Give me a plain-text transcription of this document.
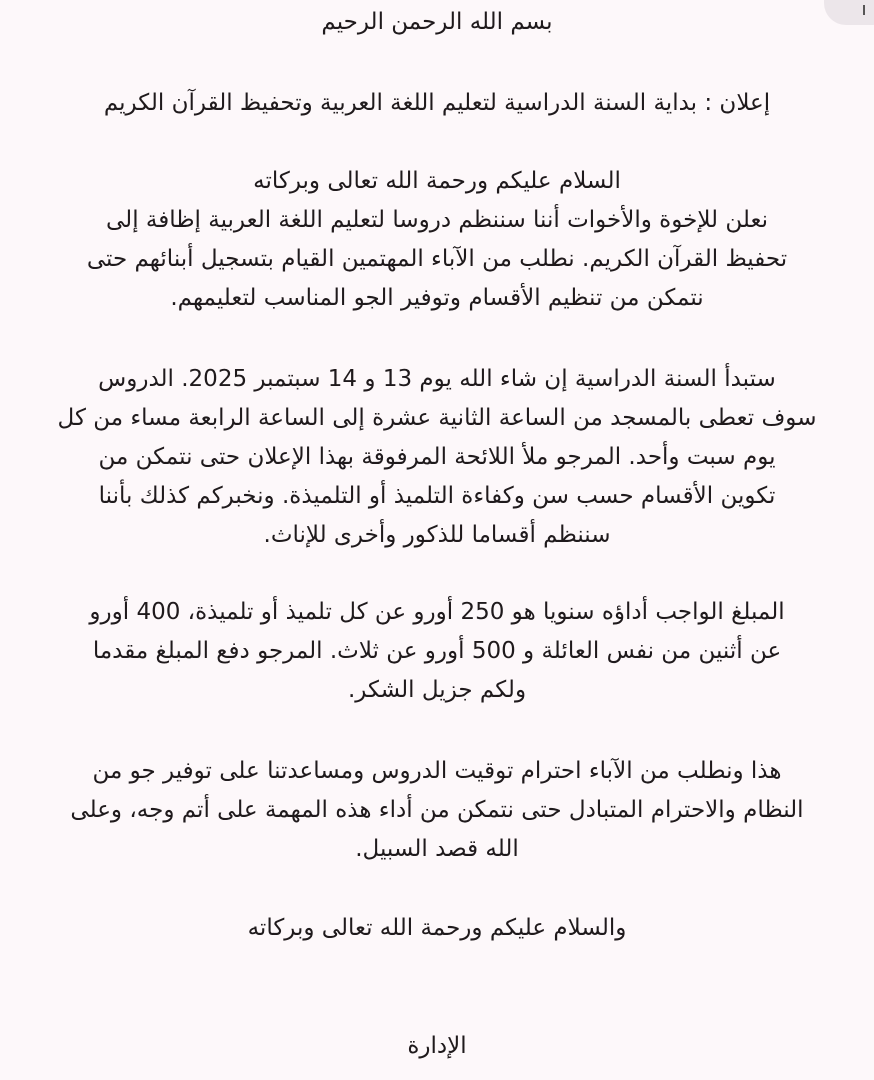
ı

بسم الله الرحمن الرحيم

إعلان : بداية السنة الدراسية لتعليم اللغة العربية وتحفيظ القرآن الكريم

السلام عليكم ورحمة الله تعالى وبركاته

نعلن للإخوة والأخوات أننا سننظم دروسا لتعليم اللغة العربية إظافة إلى

تحفيظ القرآن الكريم. نطلب من الآباء المهتمين القيام بتسجيل أبنائهم حتى

نتمكن من تنظيم الأقسام وتوفير الجو المناسب لتعليمهم.

ستبدأ السنة الدراسية إن شاء الله يوم 13 و 14 سبتمبر 2025. الدروس

سوف تعطى بالمسجد من الساعة الثانية عشرة إلى الساعة الرابعة مساء من كل

يوم سبت وأحد. المرجو ملأ اللائحة المرفوقة بهذا الإعلان حتى نتمكن من

تكوين الأقسام حسب سن وكفاءة التلميذ أو التلميذة. ونخبركم كذلك بأننا

سننظم أقساما للذكور وأخرى للإناث.

المبلغ الواجب أداؤه سنويا هو 250 أورو عن كل تلميذ أو تلميذة، 400 أورو

عن أثنين من نفس العائلة و 500 أورو عن ثلاث. المرجو دفع المبلغ مقدما

ولكم جزيل الشكر.

هذا ونطلب من الآباء احترام توقيت الدروس ومساعدتنا على توفير جو من

النظام والاحترام المتبادل حتى نتمكن من أداء هذه المهمة على أتم وجه، وعلى

الله قصد السبيل.

والسلام عليكم ورحمة الله تعالى وبركاته

الإدارة
